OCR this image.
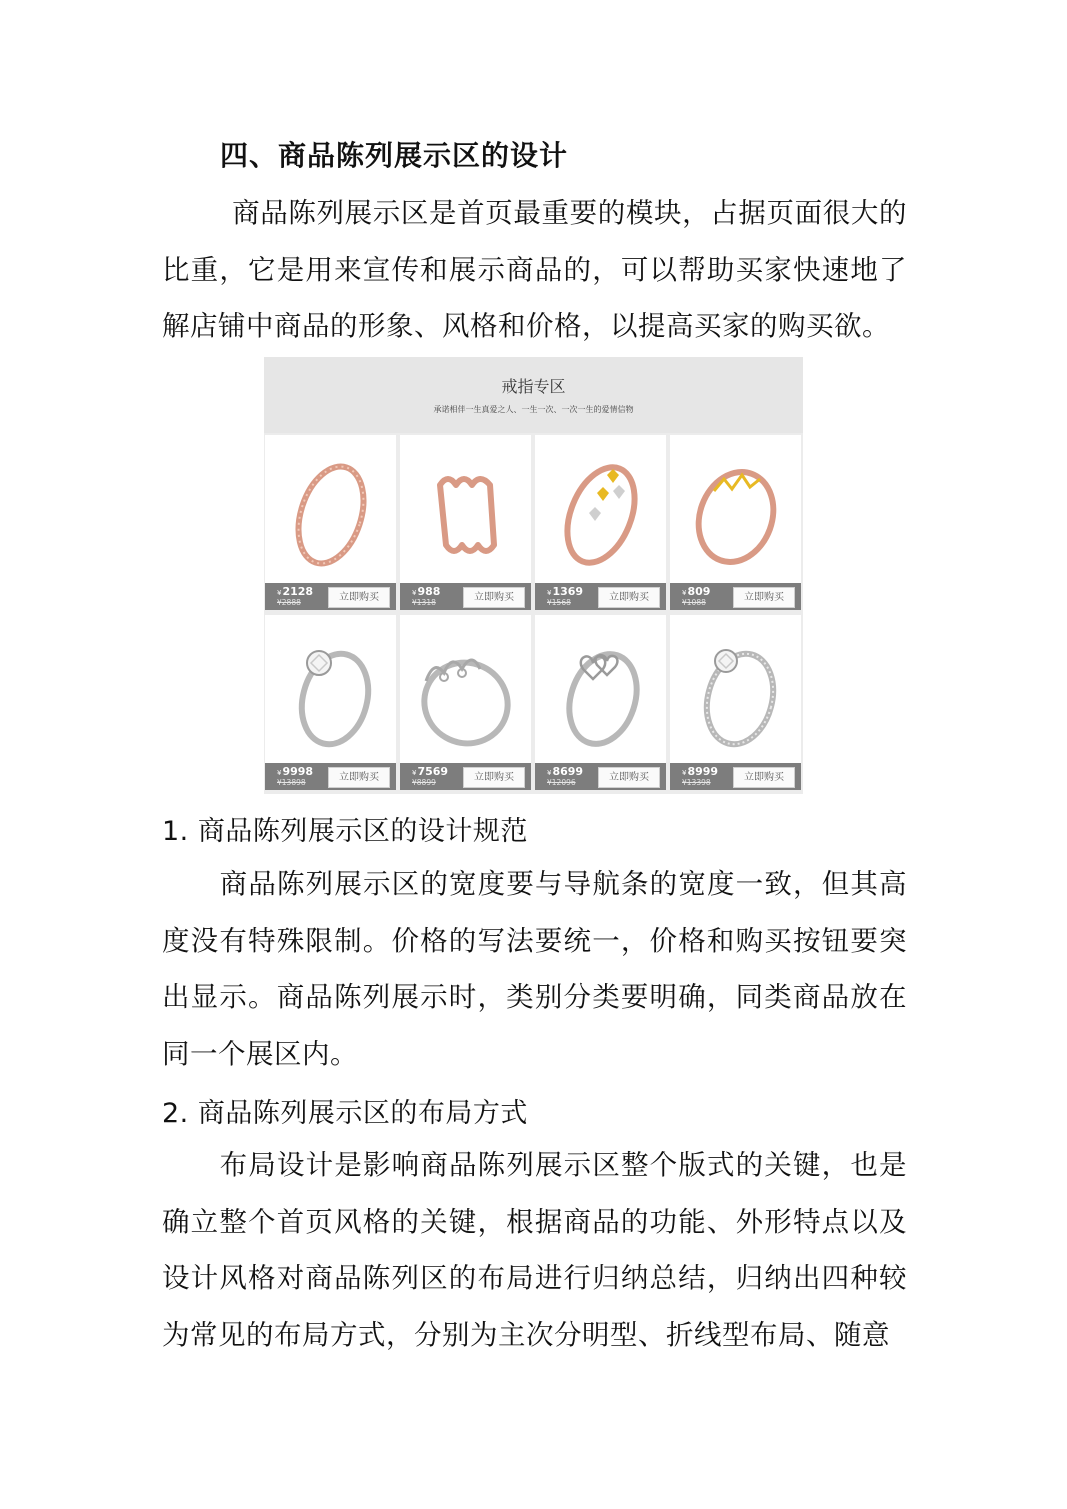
四、商品陈列展示区的设计
商品陈列展示区是首页最重要的模块，占据页面很大的比重，它是用来宣传和展示商品的，可以帮助买家快速地了解店铺中商品的形象、风格和价格，以提高买家的购买欲。
戒指专区
承诺相伴一生真爱之人、一生一次、一次一生的爱情信物
¥2128
¥2888	立即购买	¥988
¥1318	立即购买	¥1369
¥1568	立即购买	¥809
¥1088	立即购买
¥9998
¥13898	立即购买	¥7569
¥8899	立即购买	¥8699
¥12096	立即购买	¥8999
¥13398	立即购买
1. 商品陈列展示区的设计规范
商品陈列展示区的宽度要与导航条的宽度一致，但其高度没有特殊限制。价格的写法要统一，价格和购买按钮要突出显示。商品陈列展示时，类别分类要明确，同类商品放在同一个展区内。
2. 商品陈列展示区的布局方式
布局设计是影响商品陈列展示区整个版式的关键，也是确立整个首页风格的关键，根据商品的功能、外形特点以及设计风格对商品陈列区的布局进行归纳总结，归纳出四种较为常见的布局方式，分别为主次分明型、折线型布局、随意
